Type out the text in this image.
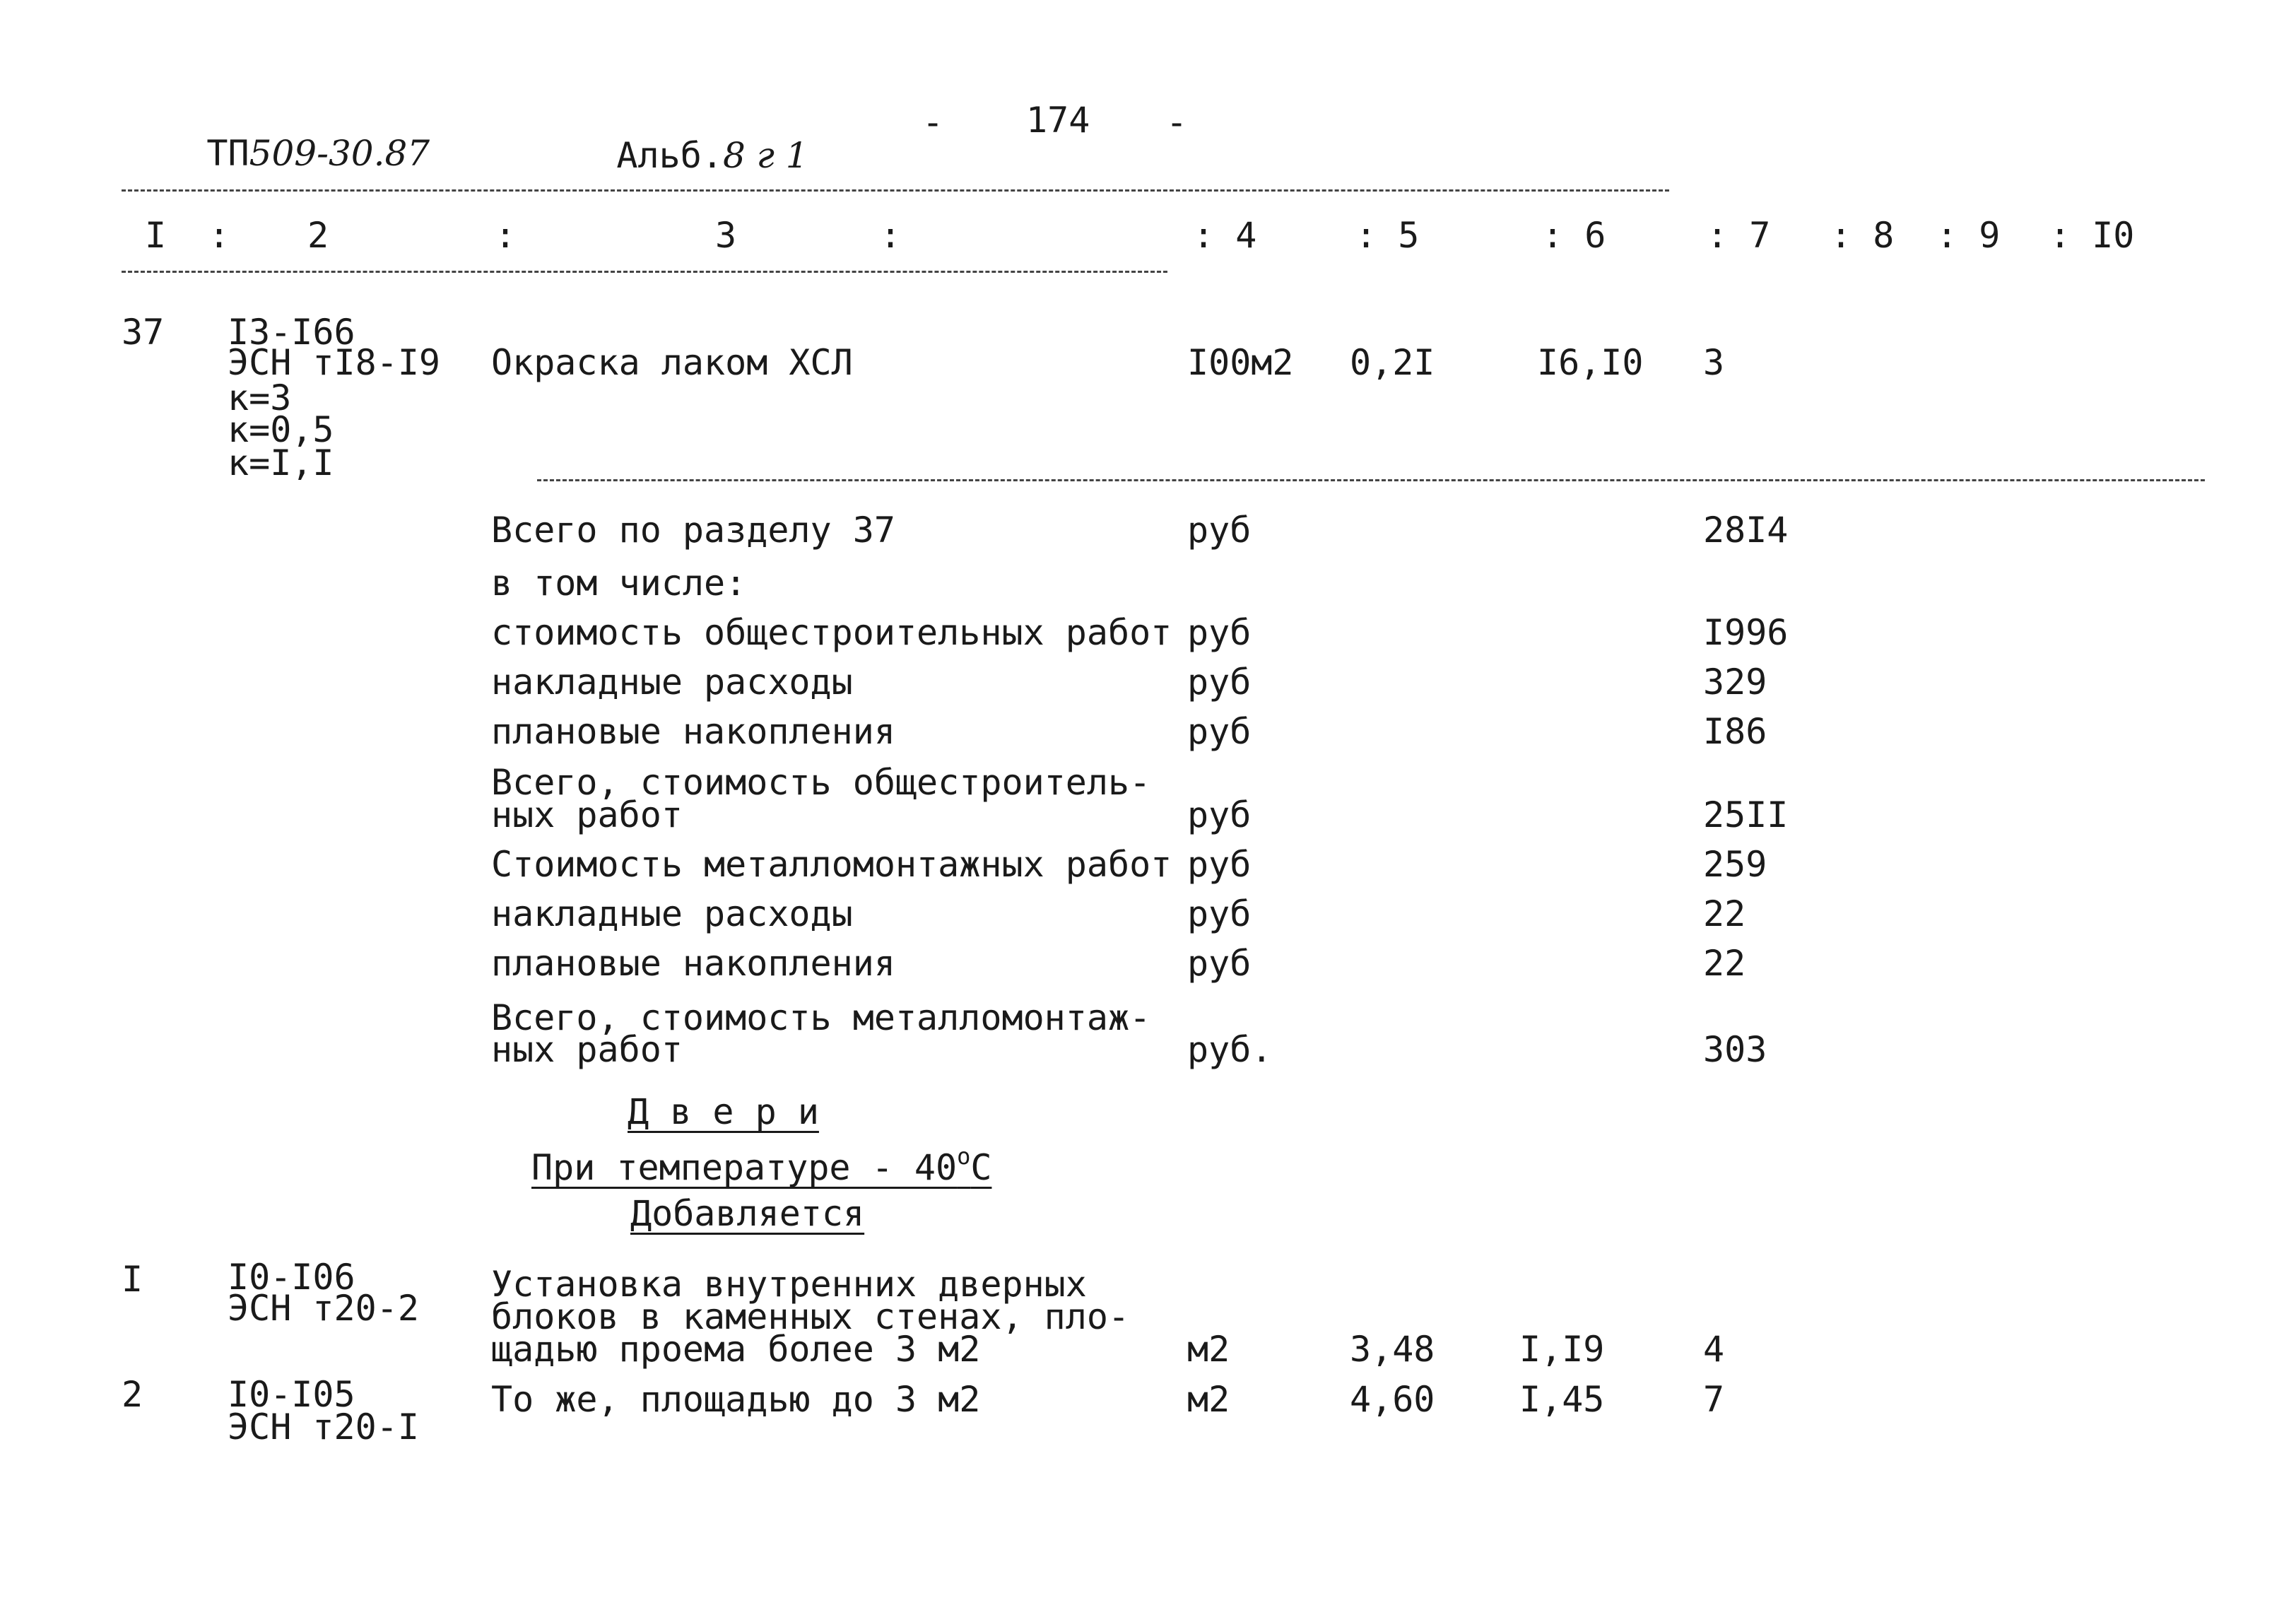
ТП509-30.87
	Альб.8 г 1

- 174 -
I : 2	:	3	:	: 4	: 5	: 6	: 7 : 8 : 9 : I0
37 I3-I66
ЭСН тI8-I9
к=3
к=0,5
к=I,I
Окраска лаком ХСЛ	I00м2 0,2I	I6,I0 3
Всего по разделу 37	руб	28I4
в том числе:
стоимость общестроительных работ руб	I996
накладные расходы	руб	329
плановые накопления	руб	I86
Всего, стоимость общестроитель-
ных работ	руб	25II
Стоимость металломонтажных работ руб	259
накладные расходы	руб	22
плановые накопления	руб	22
Всего, стоимость металломонтаж-
ных работ	руб.	303
Д в е р и
При температуре - $40^оС$
Добавляется
I I0-I06
ЭСН т20-2
Установка внутренних дверных
блоков в каменных стенах, пло-
щадью проема более 3 м2	м2	3,48 I,I9	4
2 I0-I05
ЭСН т20-I
То же, площадью до 3 м2	м2	4,60 I,45	7
